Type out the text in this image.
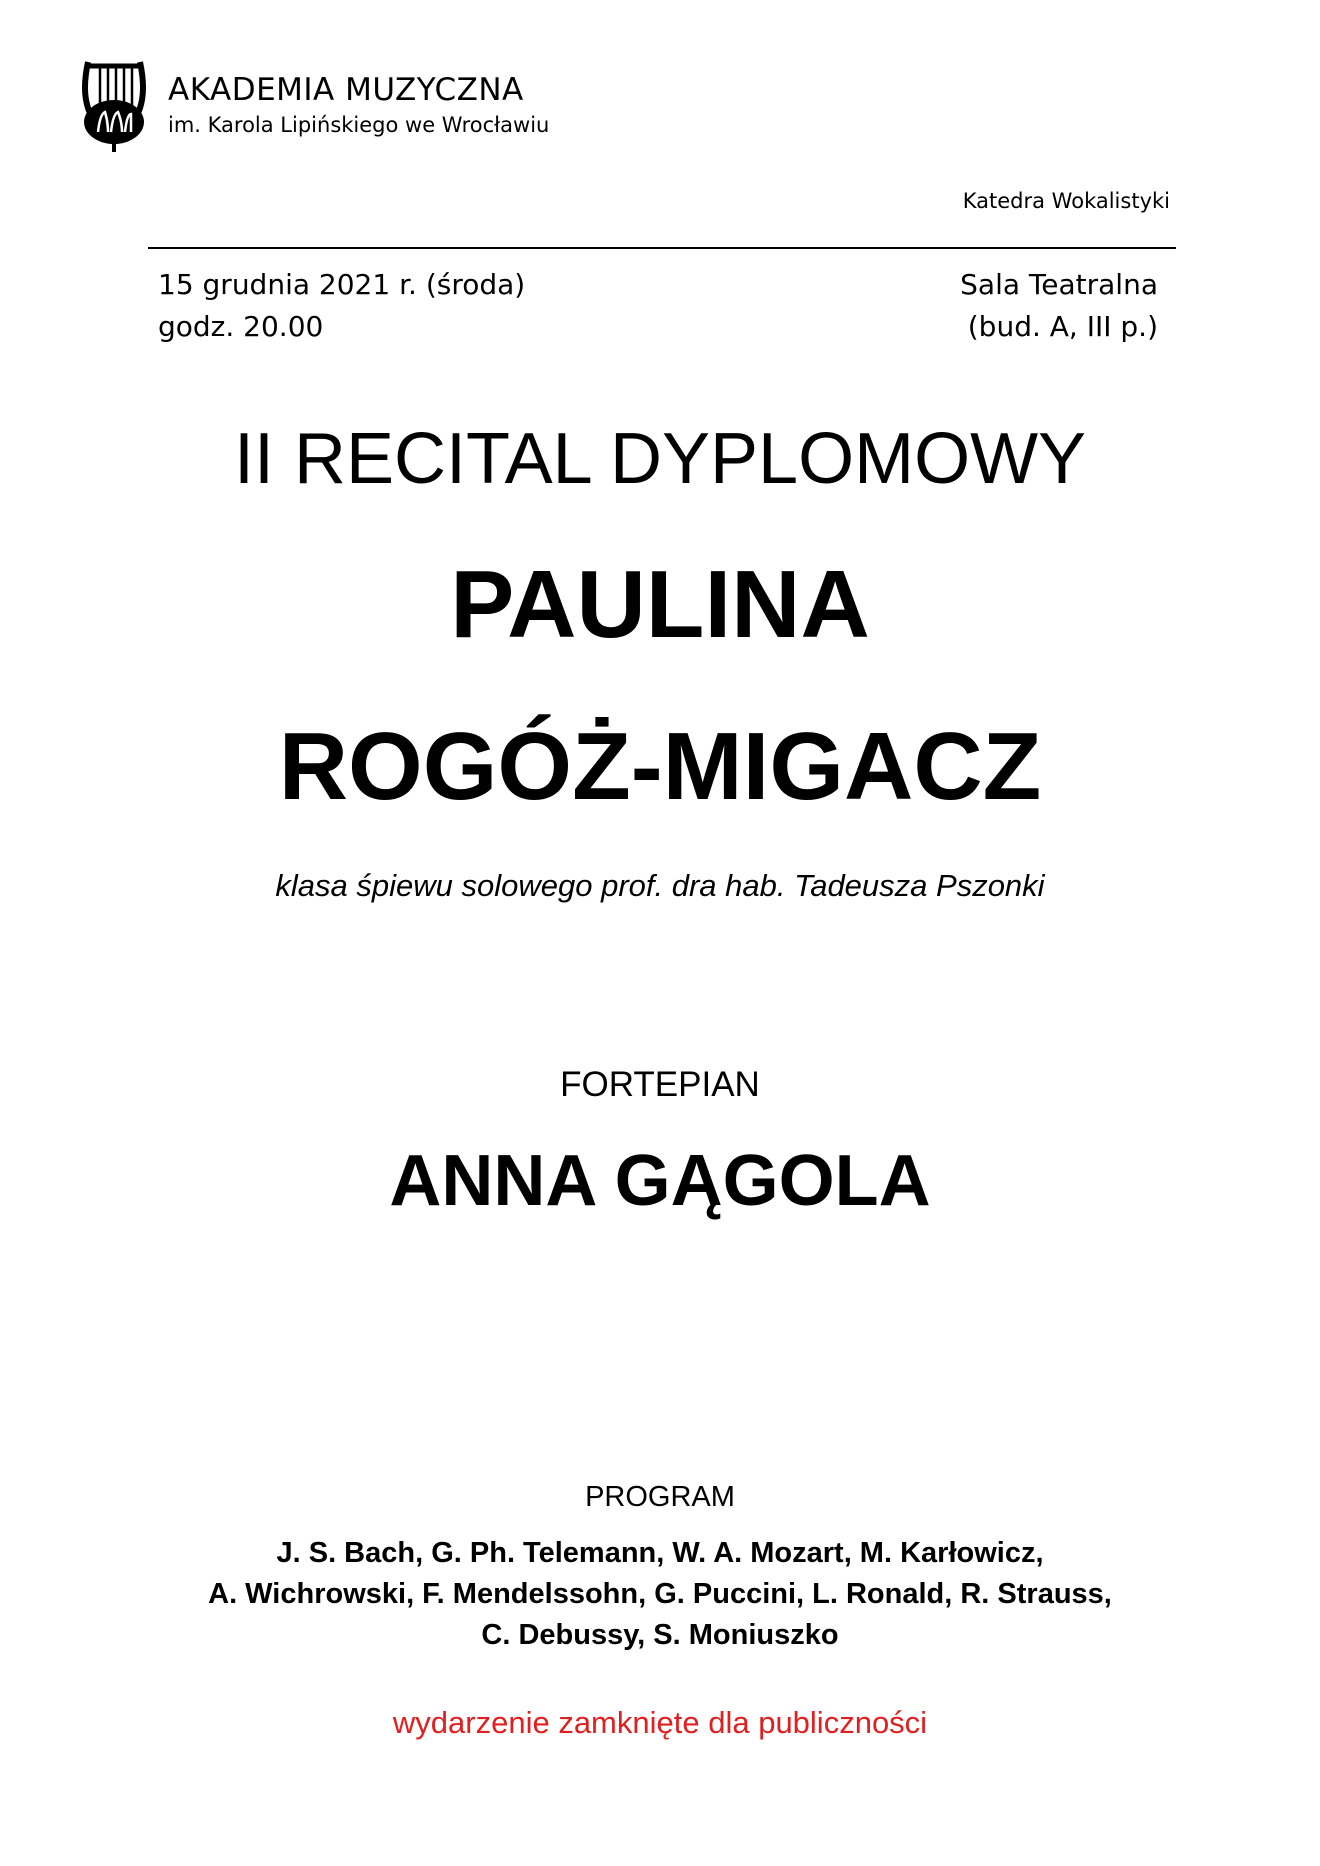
AKADEMIA MUZYCZNA
im. Karola Lipińskiego we Wrocławiu
Katedra Wokalistyki
15 grudnia 2021 r. (środa)
godz. 20.00
Sala Teatralna
(bud. A, III p.)
II RECITAL DYPLOMOWY
PAULINA
ROGÓŻ-MIGACZ
klasa śpiewu solowego prof. dra hab. Tadeusza Pszonki
FORTEPIAN
ANNA GĄGOLA
PROGRAM
J. S. Bach, G. Ph. Telemann, W. A. Mozart, M. Karłowicz,
A. Wichrowski, F. Mendelssohn, G. Puccini, L. Ronald, R. Strauss,
C. Debussy, S. Moniuszko
wydarzenie zamknięte dla publiczności
